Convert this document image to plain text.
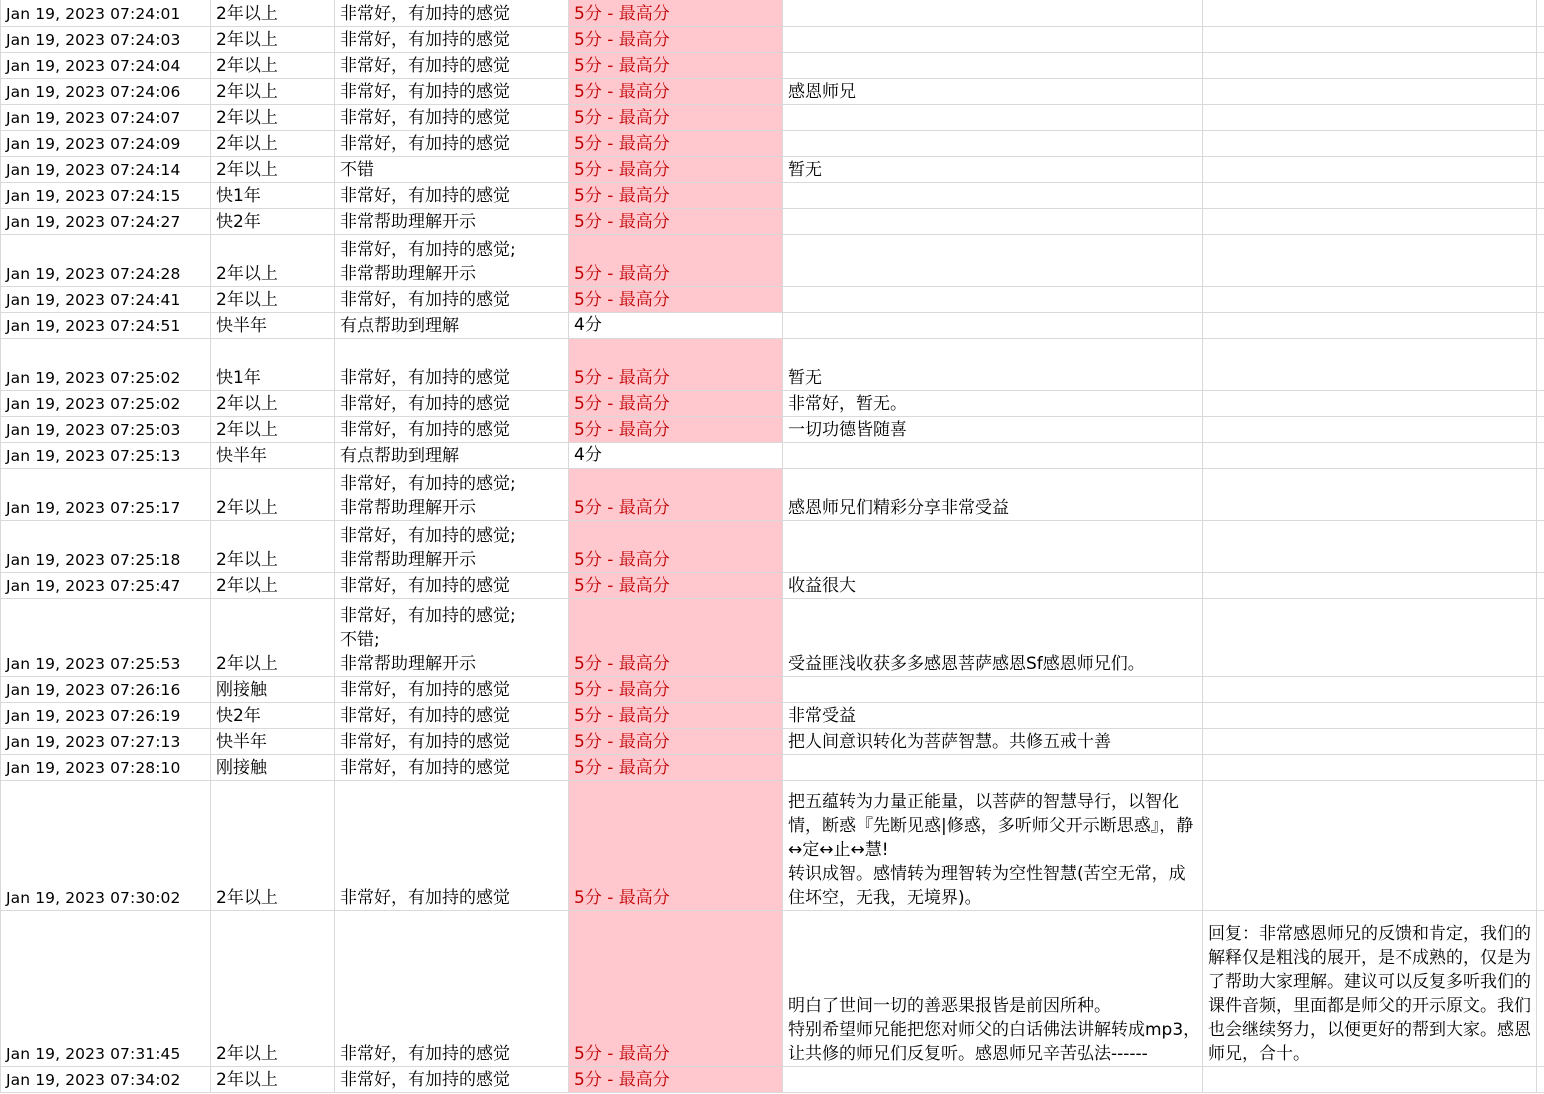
Jan 19, 2023 07:24:01	2年以上	非常好，有加持的感觉	5分 - 最高分			
Jan 19, 2023 07:24:03	2年以上	非常好，有加持的感觉	5分 - 最高分			
Jan 19, 2023 07:24:04	2年以上	非常好，有加持的感觉	5分 - 最高分			
Jan 19, 2023 07:24:06	2年以上	非常好，有加持的感觉	5分 - 最高分	感恩师兄		
Jan 19, 2023 07:24:07	2年以上	非常好，有加持的感觉	5分 - 最高分			
Jan 19, 2023 07:24:09	2年以上	非常好，有加持的感觉	5分 - 最高分			
Jan 19, 2023 07:24:14	2年以上	不错	5分 - 最高分	暂无		
Jan 19, 2023 07:24:15	快1年	非常好，有加持的感觉	5分 - 最高分			
Jan 19, 2023 07:24:27	快2年	非常帮助理解开示	5分 - 最高分			
Jan 19, 2023 07:24:28	2年以上	非常好，有加持的感觉;
非常帮助理解开示	5分 - 最高分			
Jan 19, 2023 07:24:41	2年以上	非常好，有加持的感觉	5分 - 最高分			
Jan 19, 2023 07:24:51	快半年	有点帮助到理解	4分			
Jan 19, 2023 07:25:02	快1年	非常好，有加持的感觉	5分 - 最高分	暂无		
Jan 19, 2023 07:25:02	2年以上	非常好，有加持的感觉	5分 - 最高分	非常好，暂无。		
Jan 19, 2023 07:25:03	2年以上	非常好，有加持的感觉	5分 - 最高分	一切功德皆随喜		
Jan 19, 2023 07:25:13	快半年	有点帮助到理解	4分			
Jan 19, 2023 07:25:17	2年以上	非常好，有加持的感觉;
非常帮助理解开示	5分 - 最高分	感恩师兄们精彩分享非常受益		
Jan 19, 2023 07:25:18	2年以上	非常好，有加持的感觉;
非常帮助理解开示	5分 - 最高分			
Jan 19, 2023 07:25:47	2年以上	非常好，有加持的感觉	5分 - 最高分	收益很大		
Jan 19, 2023 07:25:53	2年以上	非常好，有加持的感觉;
不错;
非常帮助理解开示	5分 - 最高分	受益匪浅收获多多感恩菩萨感恩Sf感恩师兄们。		
Jan 19, 2023 07:26:16	刚接触	非常好，有加持的感觉	5分 - 最高分			
Jan 19, 2023 07:26:19	快2年	非常好，有加持的感觉	5分 - 最高分	非常受益		
Jan 19, 2023 07:27:13	快半年	非常好，有加持的感觉	5分 - 最高分	把人间意识转化为菩萨智慧。共修五戒十善		
Jan 19, 2023 07:28:10	刚接触	非常好，有加持的感觉	5分 - 最高分			
Jan 19, 2023 07:30:02	2年以上	非常好，有加持的感觉	5分 - 最高分	把五蕴转为力量正能量，以菩萨的智慧导行，以智化情，断惑『先断见惑|修惑，多听师父开示断思惑』，静↔定↔止↔慧!
转识成智。感情转为理智转为空性智慧(苦空无常，成住坏空，无我，无境界)。		
Jan 19, 2023 07:31:45	2年以上	非常好，有加持的感觉	5分 - 最高分	明白了世间一切的善恶果报皆是前因所种。
特别希望师兄能把您对师父的白话佛法讲解转成mp3，让共修的师兄们反复听。感恩师兄辛苦弘法------	回复：非常感恩师兄的反馈和肯定，我们的解释仅是粗浅的展开，是不成熟的，仅是为了帮助大家理解。建议可以反复多听我们的课件音频，里面都是师父的开示原文。我们也会继续努力，以便更好的帮到大家。感恩师兄，合十。	
Jan 19, 2023 07:34:02	2年以上	非常好，有加持的感觉	5分 - 最高分			
